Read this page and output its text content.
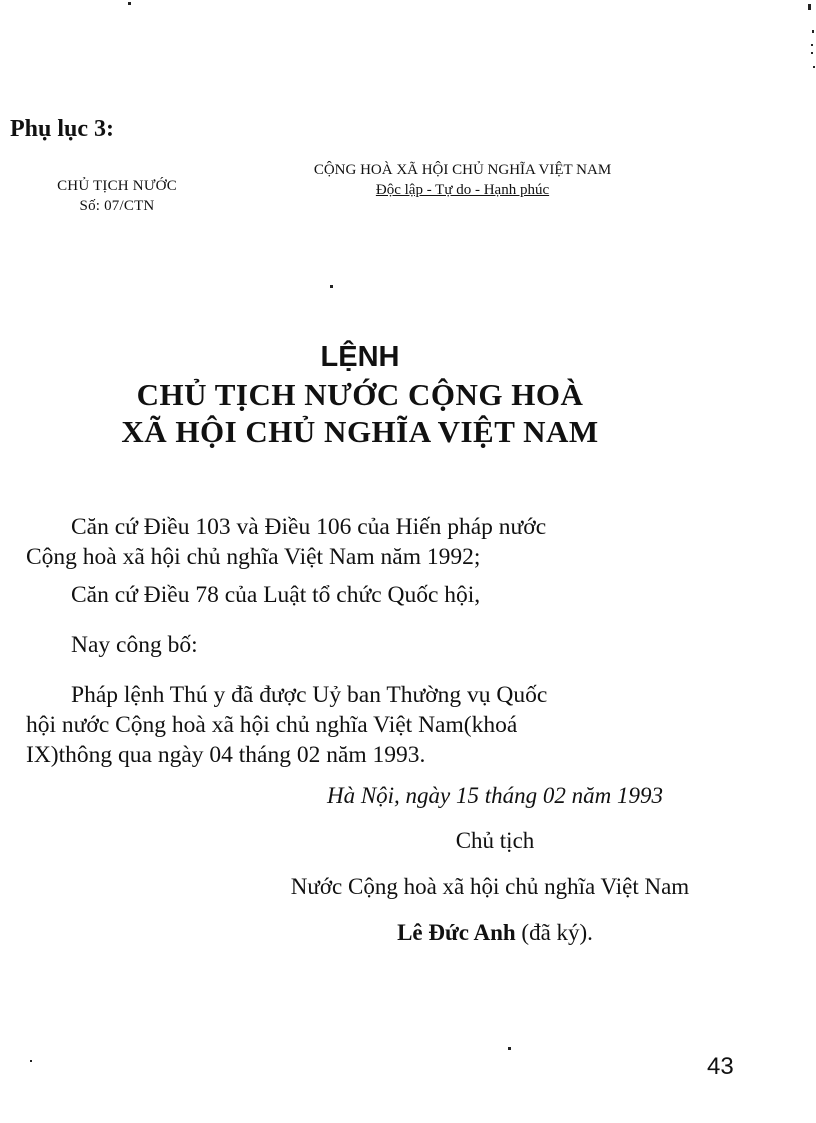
Phụ lục 3:
CHỦ TỊCH NƯỚC
Số: 07/CTN
CỘNG HOÀ XÃ HỘI CHỦ NGHĨA VIỆT NAM
Độc lập - Tự do - Hạnh phúc
LỆNH
CHỦ TỊCH NƯỚC CỘNG HOÀ
XÃ HỘI CHỦ NGHĨA VIỆT NAM
Căn cứ Điều 103 và Điều 106 của Hiến pháp nước
Cộng hoà xã hội chủ nghĩa Việt Nam năm 1992;
Căn cứ Điều 78 của Luật tổ chức Quốc hội,
Nay công bố:
Pháp lệnh Thú y đã được Uỷ ban Thường vụ Quốc
hội nước Cộng hoà xã hội chủ nghĩa Việt Nam(khoá
IX)thông qua ngày 04 tháng 02 năm 1993.
Hà Nội, ngày 15 tháng 02 năm 1993
Chủ tịch
Nước Cộng hoà xã hội chủ nghĩa Việt Nam
Lê Đức Anh (đã ký).
43
